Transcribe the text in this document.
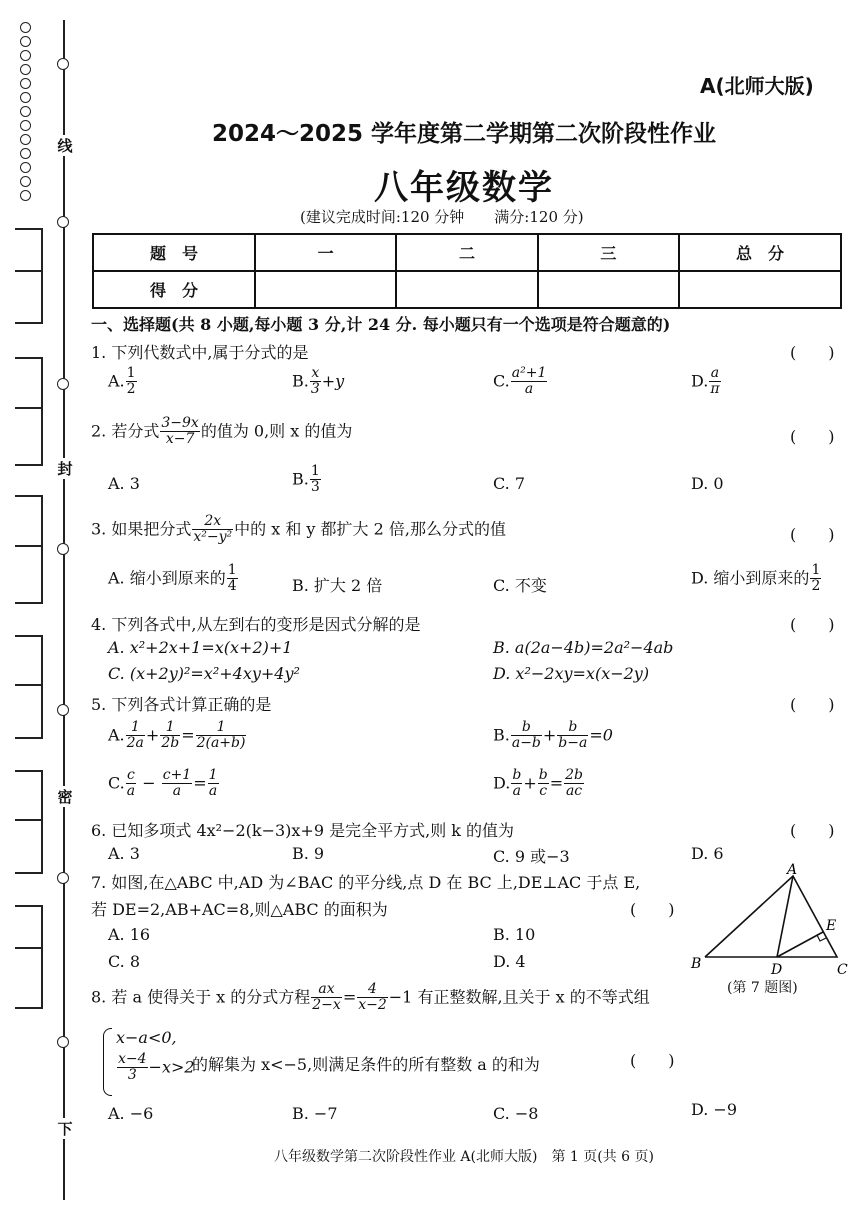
线
封
密
下
A(北师大版)
2024～2025 学年度第二学期第二次阶段性作业
八年级数学
(建议完成时间:120 分钟　　满分:120 分)
题　号	一	二	三	总　分
得　分				
一、选择题(共 8 小题,每小题 3 分,计 24 分. 每小题只有一个选项是符合题意的)
1. 下列代数式中,属于分式的是	(　　)
A. $\frac{1}{2}$	B. $\frac{x}{3} +y$	C. $\frac{\text{a²+1}}{a}$	D. $\frac{a}{\pi}$
2. 若分式 $\frac{3-9x}{x-7}$ 的值为 0,则 x 的值为	(　　)
A. 3	B. $\frac{1}{3}$	C. 7	D. 0
3. 如果把分式 $\frac{2x}{\text{x²−y²}}$ 中的 x 和 y 都扩大 2 倍,那么分式的值	(　　)
A. 缩小到原来的 $\frac{1}{4}$	B. 扩大 2 倍	C. 不变	D. 缩小到原来的 $\frac{1}{2}$
4. 下列各式中,从左到右的变形是因式分解的是	(　　)
A. x²+2x+1=x(x+2)+1	B. a(2a−4b)=2a²−4ab
C. (x+2y)²=x²+4xy+4y²	D. x²−2xy=x(x−2y)
5. 下列各式计算正确的是	(　　)
A. $\frac{1}{2a} + \frac{1}{2b} = \frac{1}{2(a+b)}$	B. $\frac{b}{a-b} + \frac{b}{b-a} =0$
C. $\frac{c}{a} - \frac{c+1}{a} = \frac{1}{a}$	D. $\frac{b}{a} + \frac{b}{c} = \frac{2b}{ac}$
6. 已知多项式 4x²−2(k−3)x+9 是完全平方式,则 k 的值为	(　　)
A. 3	B. 9	C. 9 或−3	D. 6
7. 如图,在△ABC 中,AD 为∠BAC 的平分线,点 D 在 BC 上,DE⊥AC 于点 E,
若 DE=2,AB+AC=8,则△ABC 的面积为	(　　)
A. 16	B. 10
C. 8	D. 4
A
B	C
D
E
(第 7 题图)
8. 若 a 使得关于 x 的分式方程 $\frac{ax}{2-x} = \frac{4}{x-2} -1$ 有正整数解,且关于 x 的不等式组
x−a<0,
$\frac{x-4}{3} -x>2$
的解集为 x<−5,则满足条件的所有整数 a 的和为	(　　)
A. −6	B. −7	C. −8	D. −9
八年级数学第二次阶段性作业 A(北师大版)　第 1 页(共 6 页)
